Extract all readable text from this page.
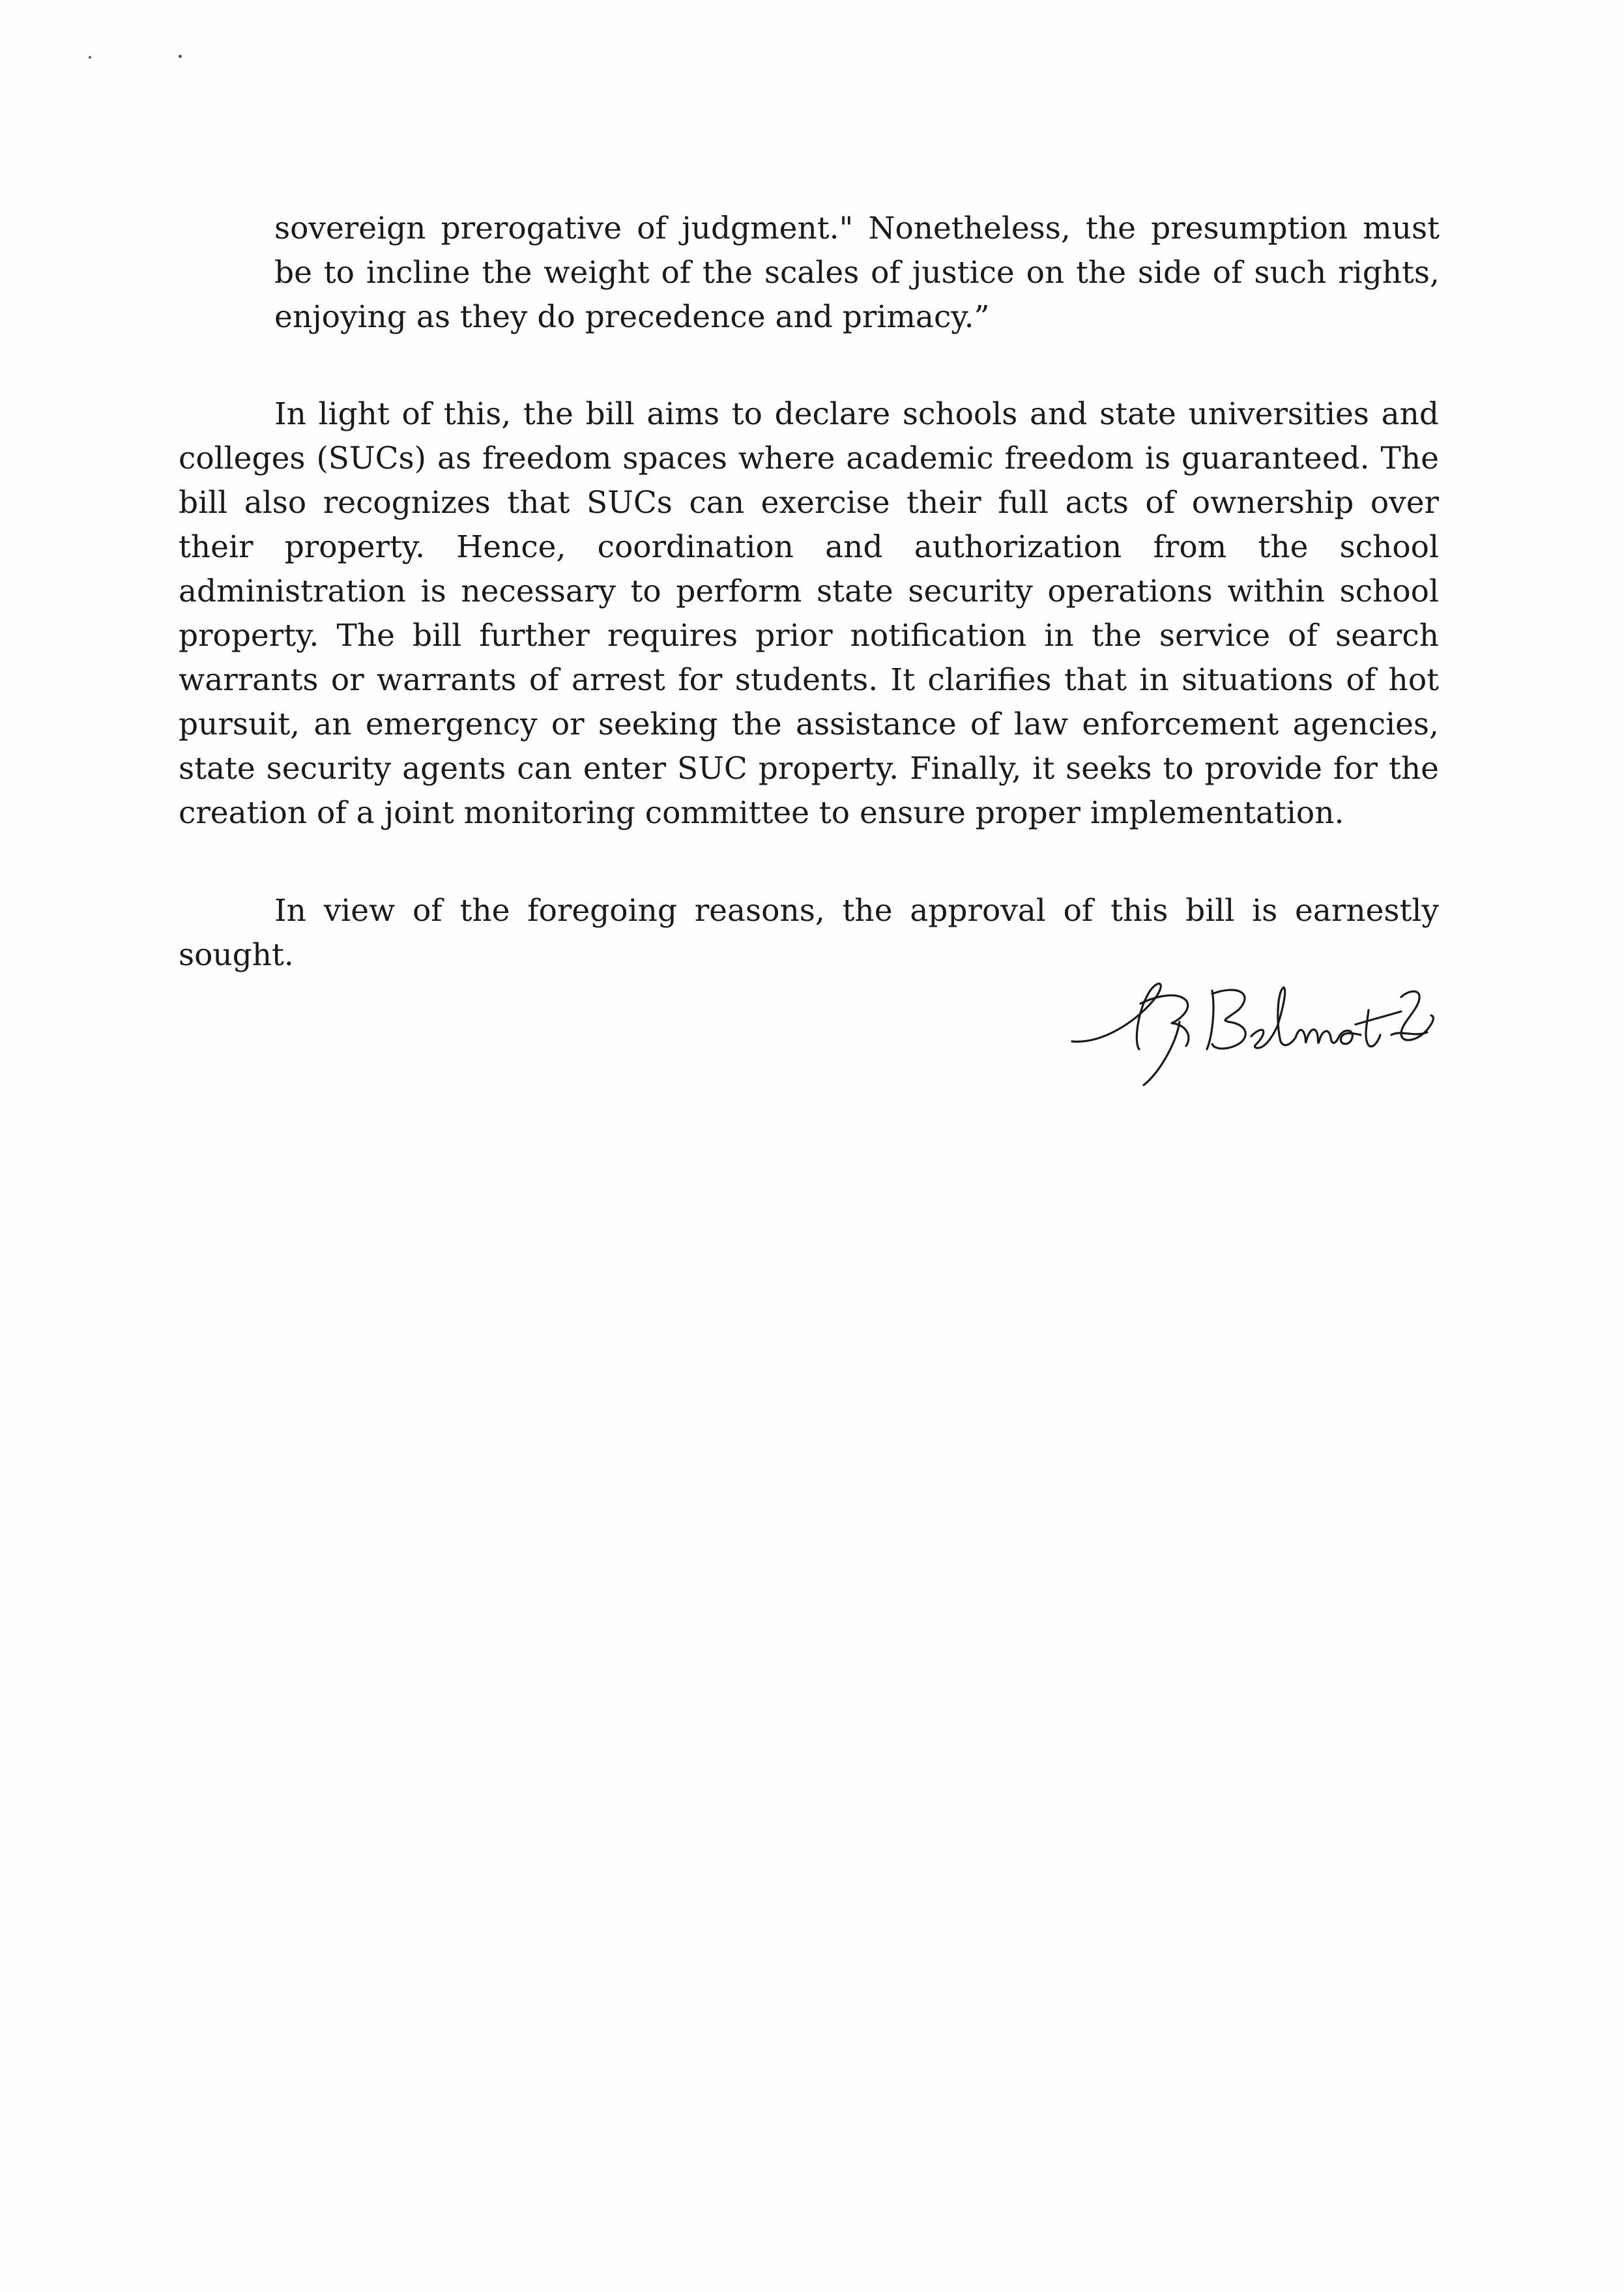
sovereign prerogative of judgment." Nonetheless, the presumption must be to incline the weight of the scales of justice on the side of such rights, enjoying as they do precedence and primacy.”

In light of this, the bill aims to declare schools and state universities and colleges (SUCs) as freedom spaces where academic freedom is guaranteed. The bill also recognizes that SUCs can exercise their full acts of ownership over their property. Hence, coordination and authorization from the school administration is necessary to perform state security operations within school property. The bill further requires prior notification in the service of search warrants or warrants of arrest for students. It clarifies that in situations of hot pursuit, an emergency or seeking the assistance of law enforcement agencies, state security agents can enter SUC property. Finally, it seeks to provide for the creation of a joint monitoring committee to ensure proper implementation.

In view of the foregoing reasons, the approval of this bill is earnestly sought.
